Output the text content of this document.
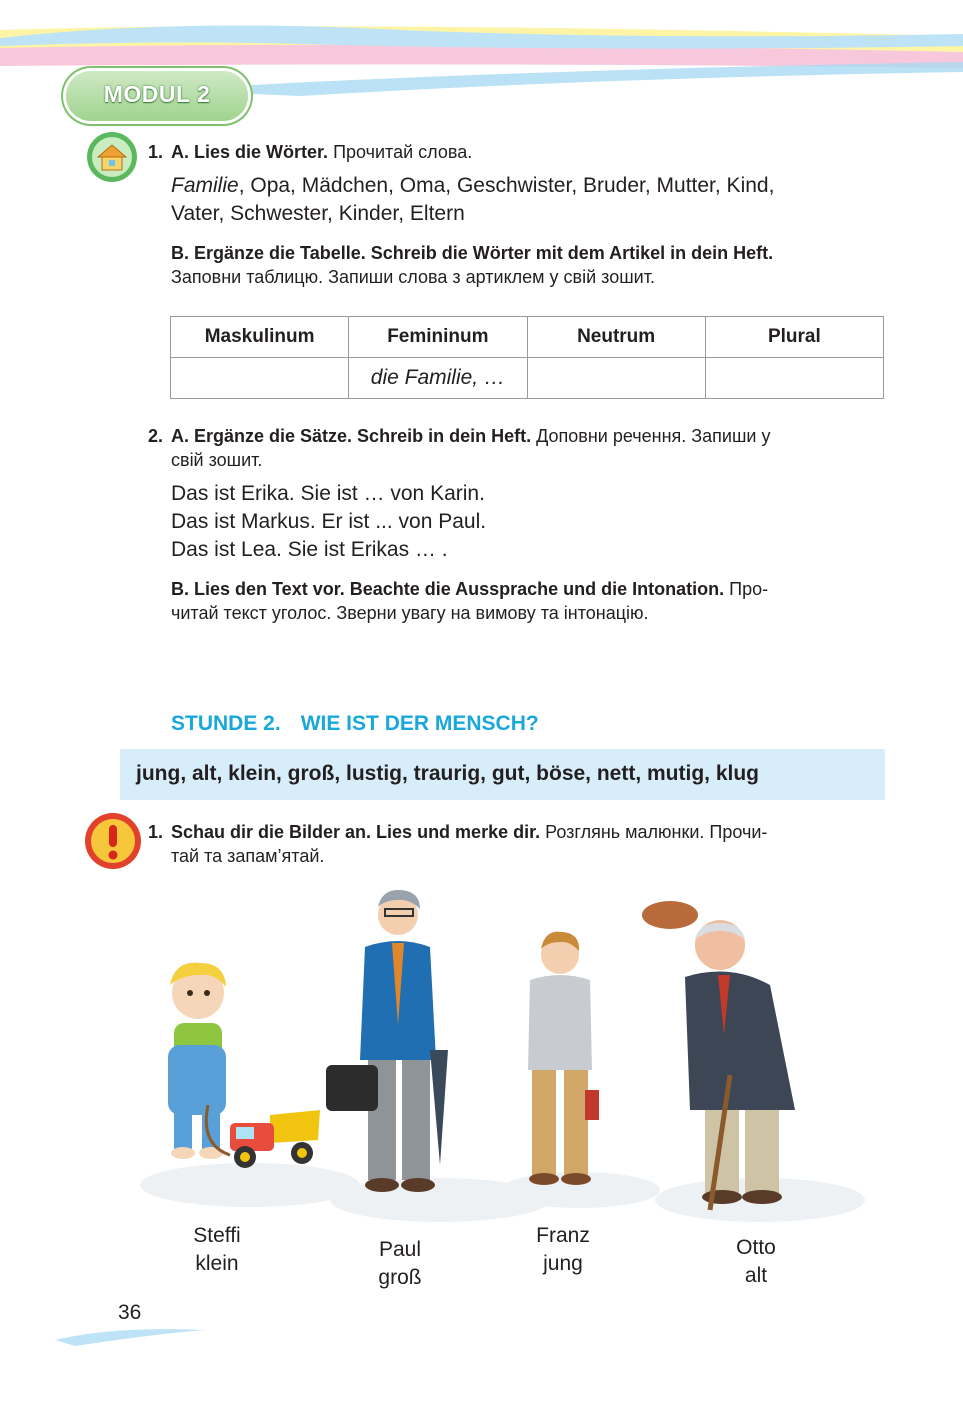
MODUL 2
1. A. Lies die Wörter. Прочитай слова.
Familie, Opa, Mädchen, Oma, Geschwister, Bruder, Mutter, Kind,
Vater, Schwester, Kinder, Eltern
B. Ergänze die Tabelle. Schreib die Wörter mit dem Artikel in dein Heft.
Заповни таблицю. Запиши слова з артиклем у свій зошит.
Maskulinum	Femininum	Neutrum	Plural
	die Familie, …		
2. A. Ergänze die Sätze. Schreib in dein Heft. Доповни речення. Запиши у
свій зошит.
Das ist Erika. Sie ist … von Karin.
Das ist Markus. Er ist ... von Paul.
Das ist Lea. Sie ist Erikas … .
B. Lies den Text vor. Beachte die Aussprache und die Intonation. Про-
читай текст уголос. Зверни увагу на вимову та інтонацію.
STUNDE 2. WIE IST DER MENSCH?
jung, alt, klein, groß, lustig, traurig, gut, böse, nett, mutig, klug
1. Schau dir die Bilder an. Lies und merke dir. Розглянь малюнки. Прочи-
тай та запам’ятай.
Steffi
klein
Paul
groß
Franz
jung
Otto
alt
36
